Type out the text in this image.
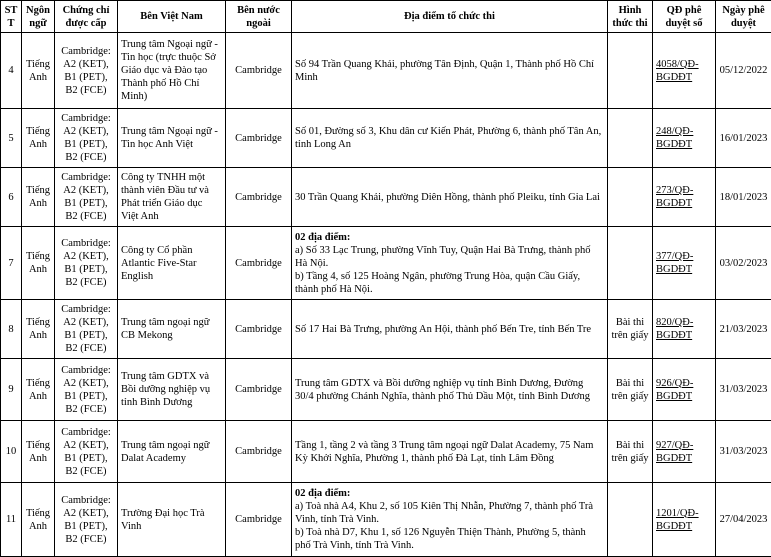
ST T	Ngôn ngữ	Chứng chỉ được cấp	Bên Việt Nam	Bên nước ngoài	Địa điểm tổ chức thi	Hình thức thi	QĐ phê duyệt số	Ngày phê duyệt
4	Tiếng Anh	Cambridge: A2 (KET), B1 (PET), B2 (FCE)	Trung tâm Ngoại ngữ - Tin học (trực thuộc Sở Giáo dục và Đào tạo Thành phố Hồ Chí Minh)	Cambridge	Số 94 Trần Quang Khải, phường Tân Định, Quận 1, Thành phố Hồ Chí Minh		4058/QĐ-BGDĐT	05/12/2022
5	Tiếng Anh	Cambridge: A2 (KET), B1 (PET), B2 (FCE)	Trung tâm Ngoại ngữ - Tin học Anh Việt	Cambridge	Số 01, Đường số 3, Khu dân cư Kiến Phát, Phường 6, thành phố Tân An, tỉnh Long An		248/QĐ-BGDĐT	16/01/2023
6	Tiếng Anh	Cambridge: A2 (KET), B1 (PET), B2 (FCE)	Công ty TNHH một thành viên Đầu tư và Phát triển Giáo dục Việt Anh	Cambridge	30 Trần Quang Khải, phường Diên Hồng, thành phố Pleiku, tỉnh Gia Lai		273/QĐ-BGDĐT	18/01/2023
7	Tiếng Anh	Cambridge: A2 (KET), B1 (PET), B2 (FCE)	Công ty Cổ phần Atlantic Five-Star English	Cambridge	02 địa điểm:
a) Số 33 Lạc Trung, phường Vĩnh Tuy, Quận Hai Bà Trưng, thành phố Hà Nội.
b) Tầng 4, số 125 Hoàng Ngân, phường Trung Hòa, quận Cầu Giấy, thành phố Hà Nội.		377/QĐ-BGDĐT	03/02/2023
8	Tiếng Anh	Cambridge: A2 (KET), B1 (PET), B2 (FCE)	Trung tâm ngoại ngữ CB Mekong	Cambridge	Số 17 Hai Bà Trưng, phường An Hội, thành phố Bến Tre, tỉnh Bến Tre	Bài thi trên giấy	820/QĐ-BGDĐT	21/03/2023
9	Tiếng Anh	Cambridge: A2 (KET), B1 (PET), B2 (FCE)	Trung tâm GDTX và Bồi dưỡng nghiệp vụ tỉnh Bình Dương	Cambridge	Trung tâm GDTX và Bồi dưỡng nghiệp vụ tỉnh Bình Dương, Đường 30/4 phường Chánh Nghĩa, thành phố Thủ Dầu Một, tỉnh Bình Dương	Bài thi trên giấy	926/QĐ-BGDĐT	31/03/2023
10	Tiếng Anh	Cambridge: A2 (KET), B1 (PET), B2 (FCE)	Trung tâm ngoại ngữ Dalat Academy	Cambridge	Tầng 1, tầng 2 và tầng 3 Trung tâm ngoại ngữ Dalat Academy, 75 Nam Kỳ Khởi Nghĩa, Phường 1, thành phố Đà Lạt, tỉnh Lâm Đồng	Bài thi trên giấy	927/QĐ-BGDĐT	31/03/2023
11	Tiếng Anh	Cambridge: A2 (KET), B1 (PET), B2 (FCE)	Trường Đại học Trà Vinh	Cambridge	02 địa điểm:
a) Toà nhà A4, Khu 2, số 105 Kiên Thị Nhẫn, Phường 7, thành phố Trà Vinh, tỉnh Trà Vinh.
b) Toà nhà D7, Khu 1, số 126 Nguyễn Thiện Thành, Phường 5, thành phố Trà Vinh, tỉnh Trà Vinh.		1201/QĐ-BGDĐT	27/04/2023
